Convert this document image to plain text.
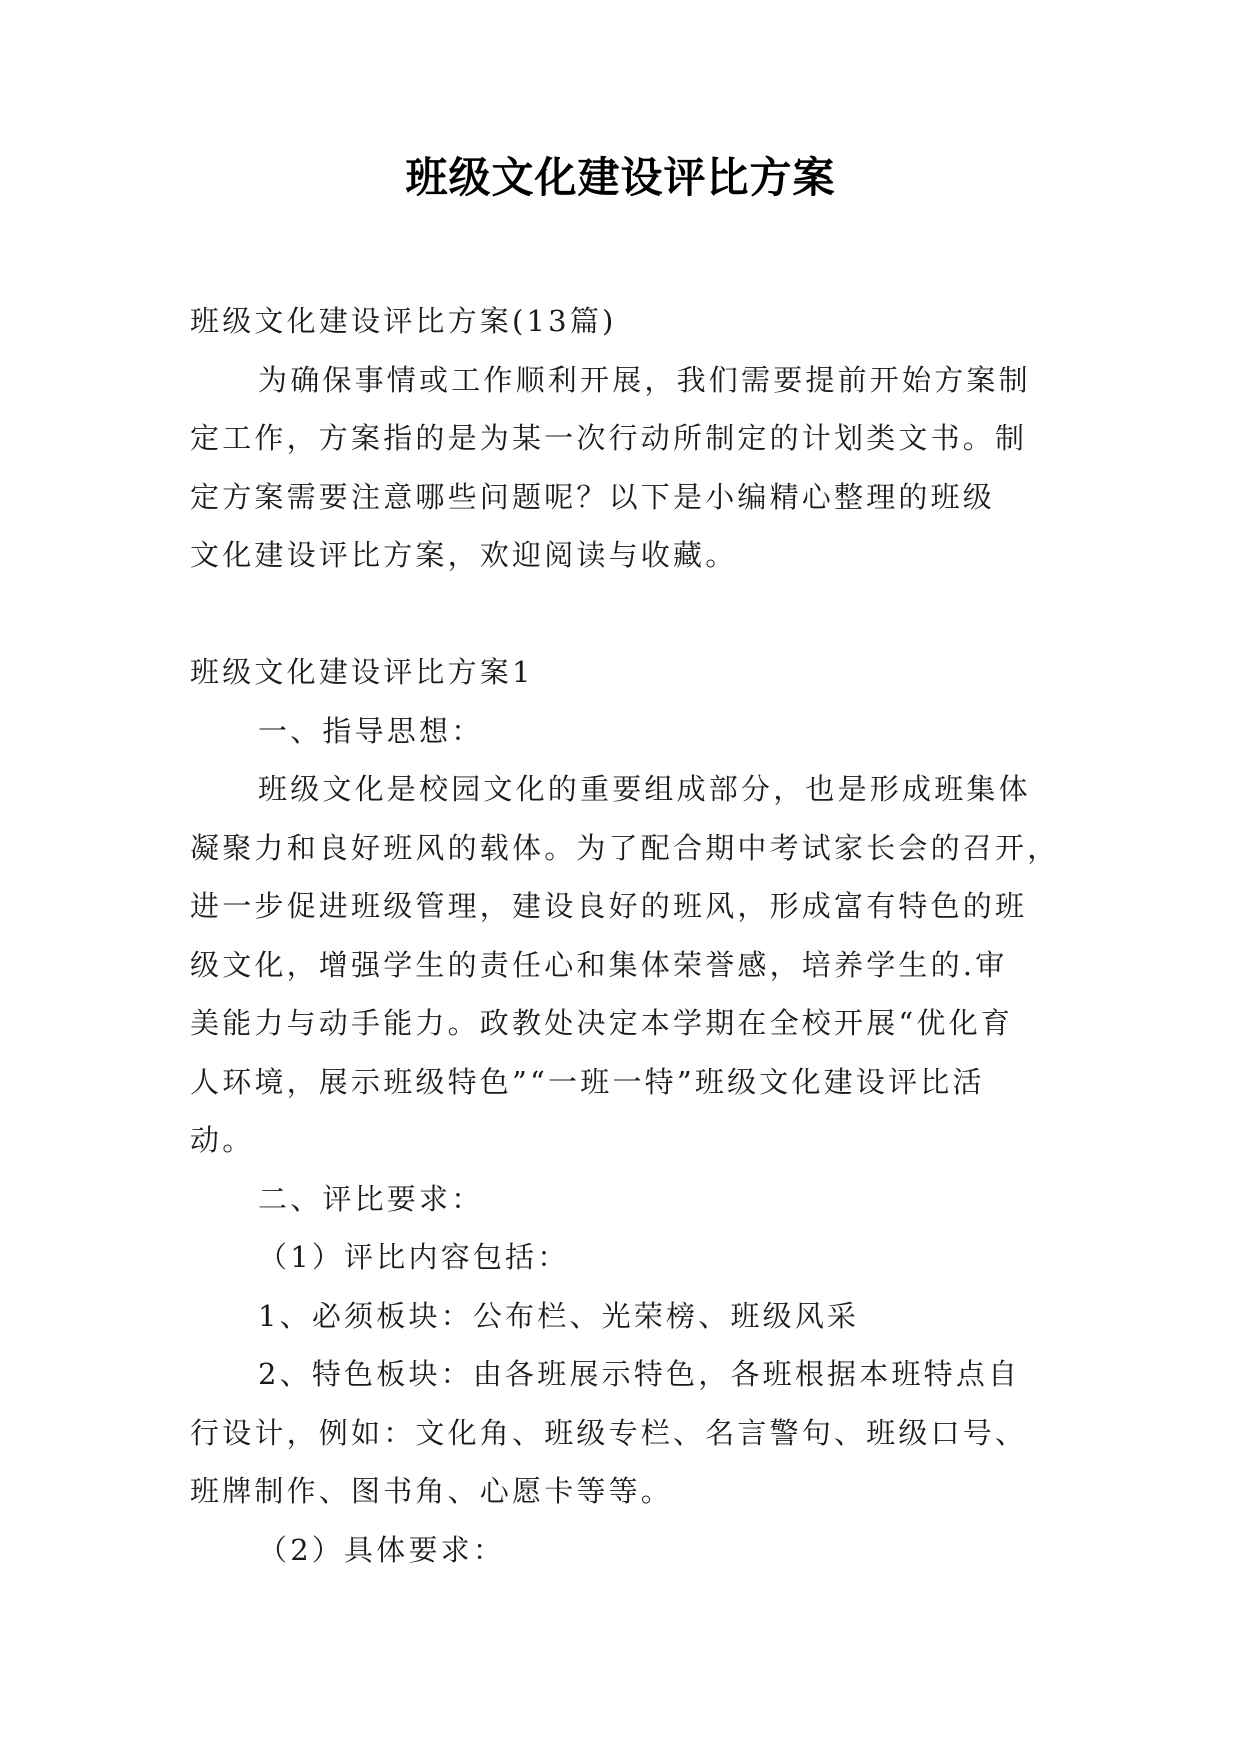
班级文化建设评比方案
班级文化建设评比方案(13篇)
为确保事情或工作顺利开展，我们需要提前开始方案制
定工作，方案指的是为某一次行动所制定的计划类文书。制
定方案需要注意哪些问题呢？以下是小编精心整理的班级
文化建设评比方案，欢迎阅读与收藏。
班级文化建设评比方案1
一、指导思想：
班级文化是校园文化的重要组成部分，也是形成班集体
凝聚力和良好班风的载体。为了配合期中考试家长会的召开，
进一步促进班级管理，建设良好的班风，形成富有特色的班
级文化，增强学生的责任心和集体荣誉感，培养学生的.审
美能力与动手能力。政教处决定本学期在全校开展“优化育
人环境，展示班级特色”“一班一特”班级文化建设评比活
动。
二、评比要求：
（1）评比内容包括：
1、必须板块：公布栏、光荣榜、班级风采
2、特色板块：由各班展示特色，各班根据本班特点自
行设计，例如：文化角、班级专栏、名言警句、班级口号、
班牌制作、图书角、心愿卡等等。
（2）具体要求：
